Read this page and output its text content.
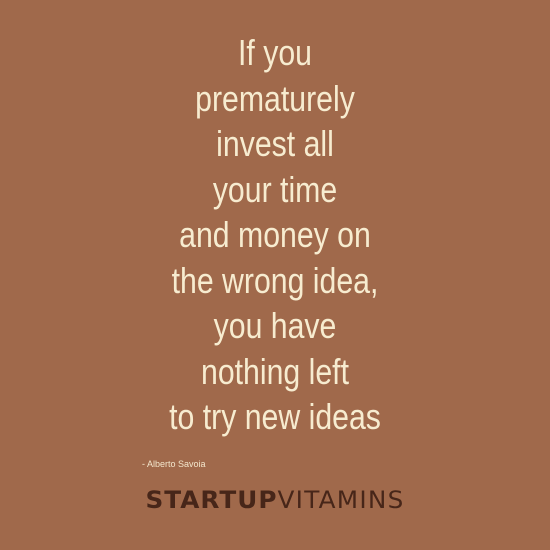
If you
prematurely
invest all
your time
and money on
the wrong idea,
you have
nothing left
to try new ideas

- Alberto Savoia

STARTUPVITAMINS
